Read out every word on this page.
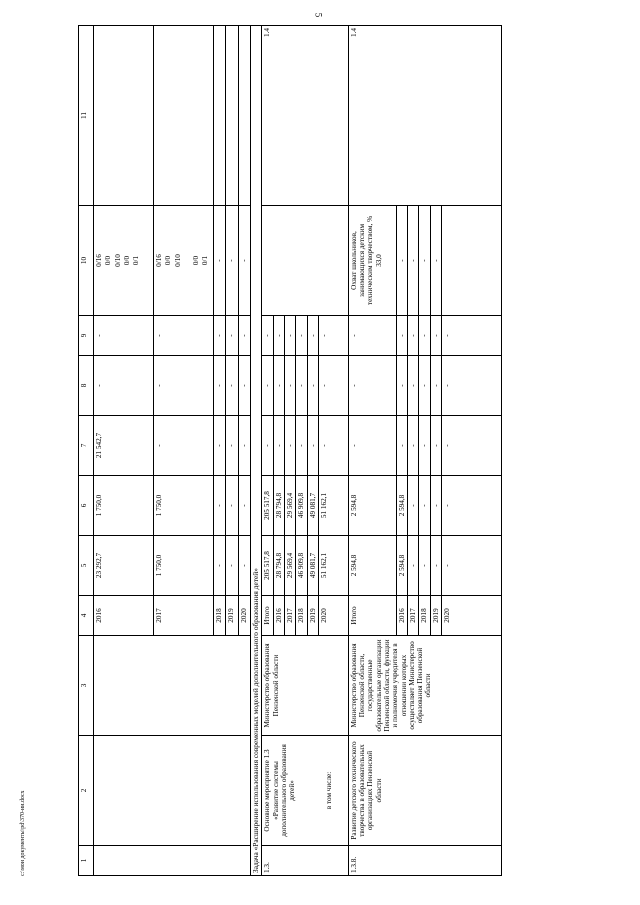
5
1	2	3	4	5	6	7	8	9	10	11
			2016	23 292,7	1 750,0	21 542,7	-	-	0/16 0/0 0/10 0/0 0/1	

			2017	1 750,0	1 750,0	-	-	-	0/16 0/0 0/10 0/0 0/1	

			2018	-	-	-	-	-	-	

			2019	-	-	-	-	-	-	

			2020	-	-	-	-	-	-	

Задача «Расширение использования современных моделей дополнительного образования детей»										
1.3.	Основное мероприятие 1.3 «Развитие системы дополнительного образования детей» в том числе:	Министерство образования Пензенской области	Итого	205 517,8	205 517,8	-	-	-		1.4
			2016	28 794,8	28 794,8	-	-	-		
			2017	29 569,4	29 569,4	-	-	-		
			2018	46 909,8	46 909,8	-	-	-		
			2019	49 081,7	49 081,7	-	-	-		
			2020	51 162,1	51 162,1	-	-	-		
1.3.8.	Развитие детского технического творчества в образовательных организациях Пензенской области	Министерство образования Пензенской области, государственные образовательные организации Пензенской области, функции и полномочия учредителя в отношении которых осуществляет Министерство образования Пензенской области	Итого	2 594,8	2 594,8	-	-	-	Охват школьников, занимающихся детским техническим творчеством, % 33,0	1.4
			2016	2 594,8	2 594,8	-	-	-	-	
			2017	-	-	-	-	-	-	
			2018	-	-	-	-	-	-	
			2019	-	-	-	-	-	-	
			2020	-	-	-	-	-		
c:\мои документы\pd\370-ии.docx
